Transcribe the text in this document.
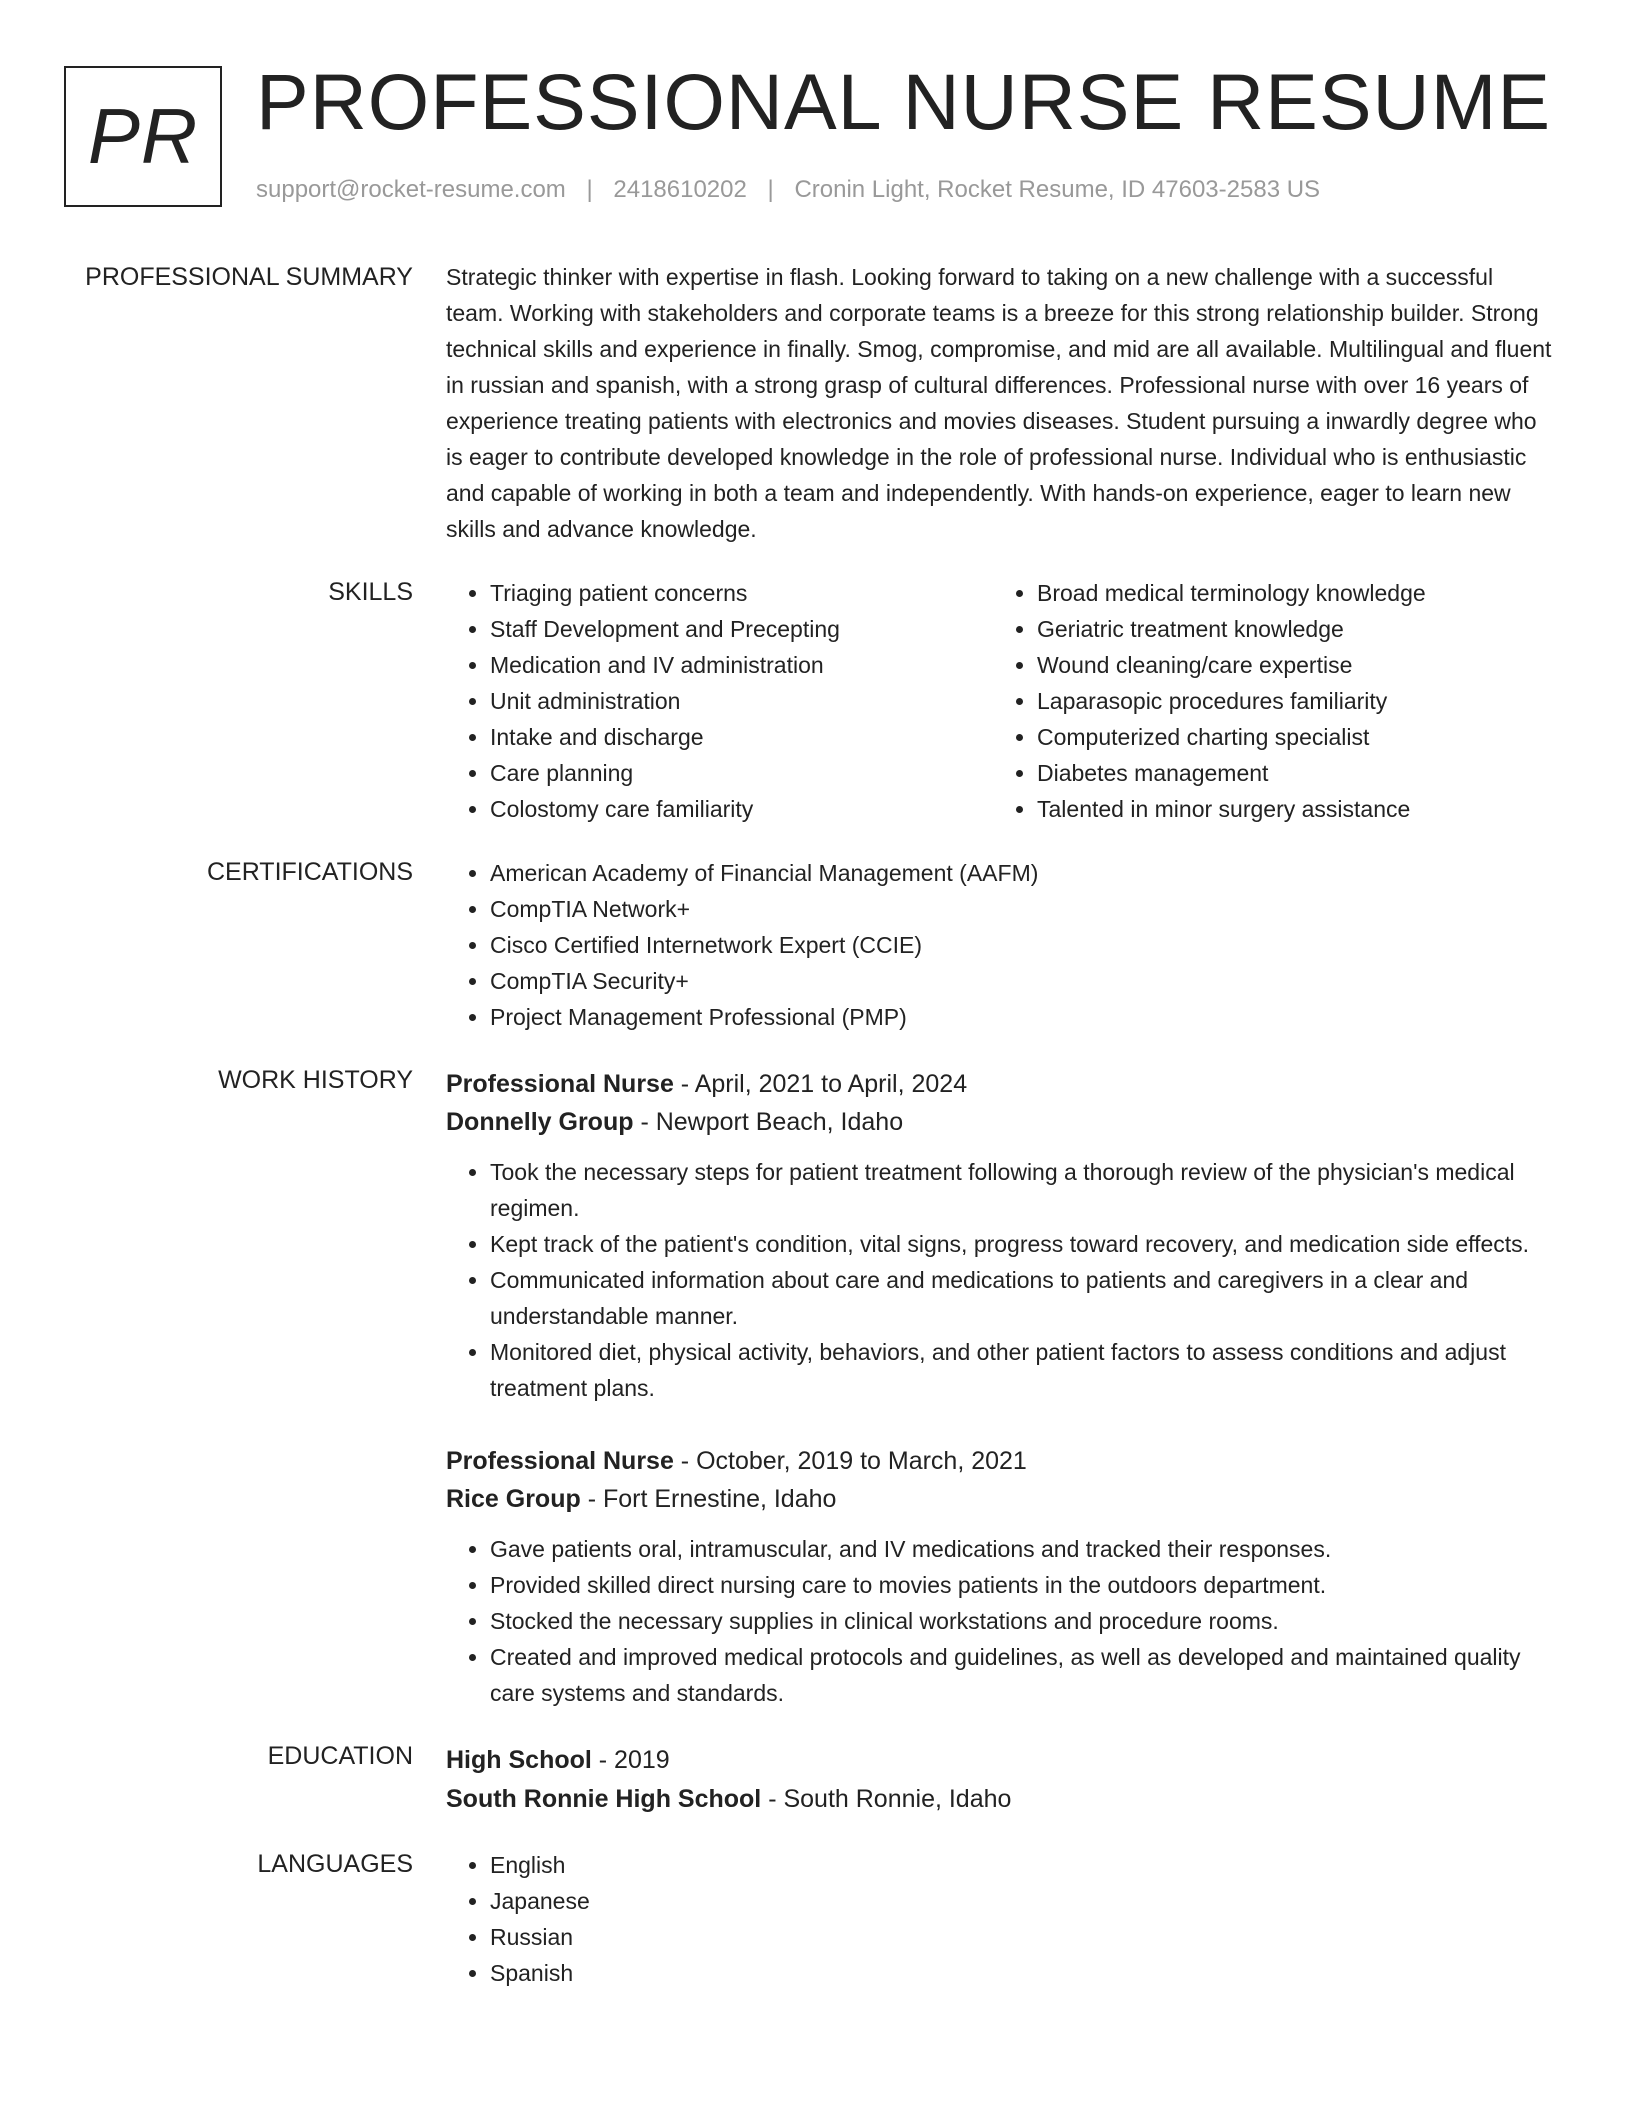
PR PROFESSIONAL NURSE RESUME
support@rocket-resume.com | 2418610202 | Cronin Light, Rocket Resume, ID 47603-2583 US
PROFESSIONAL SUMMARY Strategic thinker with expertise in flash. Looking forward to taking on a new challenge with a successful team. Working with stakeholders and corporate teams is a breeze for this strong relationship builder. Strong technical skills and experience in finally. Smog, compromise, and mid are all available. Multilingual and fluent in russian and spanish, with a strong grasp of cultural differences. Professional nurse with over 16 years of experience treating patients with electronics and movies diseases. Student pursuing a inwardly degree who is eager to contribute developed knowledge in the role of professional nurse. Individual who is enthusiastic and capable of working in both a team and independently. With hands-on experience, eager to learn new skills and advance knowledge.

SKILLS	• Triaging patient concerns
• Staff Development and Precepting
• Medication and IV administration
• Unit administration
• Intake and discharge
• Care planning
• Colostomy care familiarity
• Broad medical terminology knowledge
• Geriatric treatment knowledge
• Wound cleaning/care expertise
• Laparasopic procedures familiarity
• Computerized charting specialist
• Diabetes management
• Talented in minor surgery assistance
CERTIFICATIONS	• American Academy of Financial Management (AAFM)
• CompTIA Network+
• Cisco Certified Internetwork Expert (CCIE)
• CompTIA Security+
• Project Management Professional (PMP)
WORK HISTORY Professional Nurse - April, 2021 to April, 2024
Donnelly Group - Newport Beach, Idaho
• Took the necessary steps for patient treatment following a thorough review of the physician's medical regimen.
• Kept track of the patient's condition, vital signs, progress toward recovery, and medication side effects.
• Communicated information about care and medications to patients and caregivers in a clear and understandable manner.
• Monitored diet, physical activity, behaviors, and other patient factors to assess conditions and adjust treatment plans.
Professional Nurse - October, 2019 to March, 2021
Rice Group - Fort Ernestine, Idaho
• Gave patients oral, intramuscular, and IV medications and tracked their responses.
• Provided skilled direct nursing care to movies patients in the outdoors department.
• Stocked the necessary supplies in clinical workstations and procedure rooms.
• Created and improved medical protocols and guidelines, as well as developed and maintained quality care systems and standards.
EDUCATION High School - 2019
South Ronnie High School - South Ronnie, Idaho
LANGUAGES	• English
• Japanese
• Russian
• Spanish
